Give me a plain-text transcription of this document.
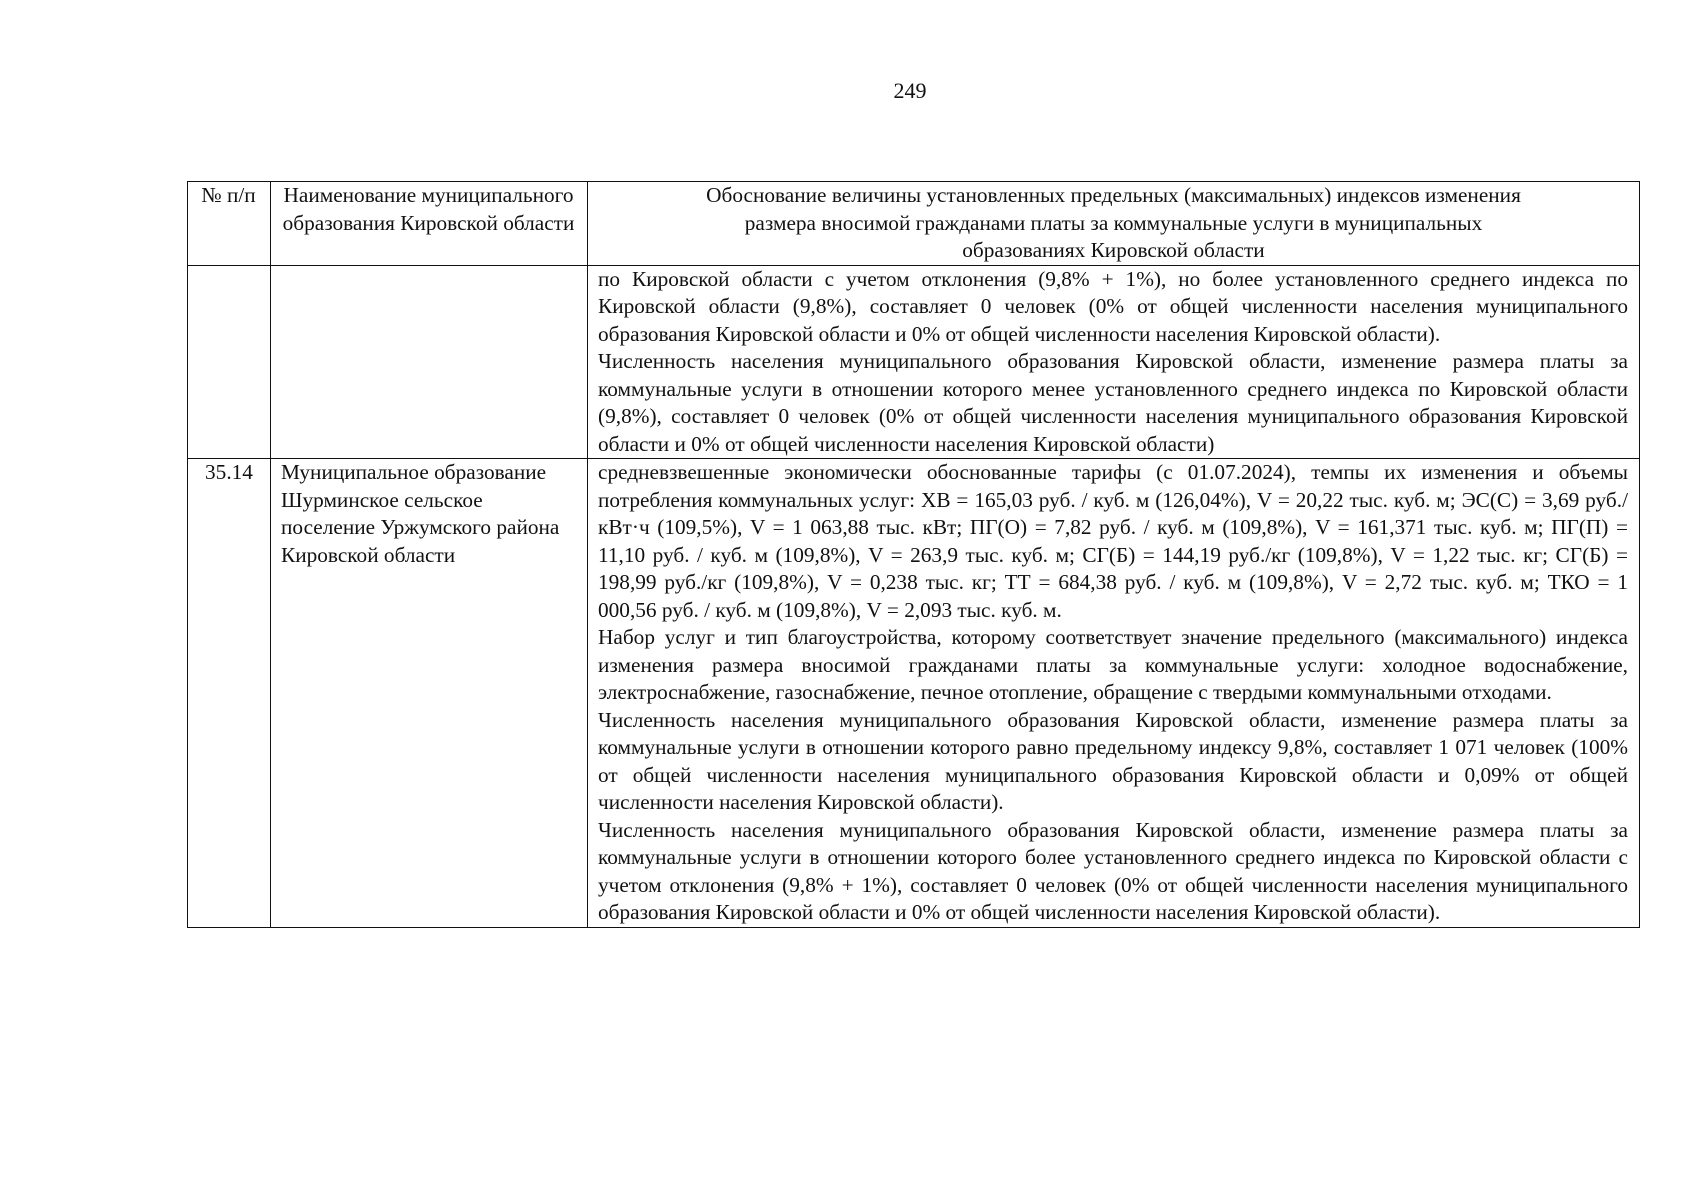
249
№ п/п	Наименование муниципального образования Кировской области	Обоснование величины установленных предельных (максимальных) индексов изменения размера вносимой гражданами платы за коммунальные услуги в муниципальных образованиях Кировской области

		по Кировской области с учетом отклонения (9,8% + 1%), но более установленного среднего индекса по Кировской области (9,8%), составляет 0 человек (0% от общей численности населения муниципального образования Кировской области и 0% от общей численности населения Кировской области).

Численность населения муниципального образования Кировской области, изменение размера платы за коммунальные услуги в отношении которого менее установленного среднего индекса по Кировской области (9,8%), составляет 0 человек (0% от общей численности населения муниципального образования Кировской области и 0% от общей численности населения Кировской области)

35.14	Муниципальное образование Шурминское сельское поселение Уржумского района Кировской области	средневзвешенные экономически обоснованные тарифы (с 01.07.2024), темпы их изменения и объемы потребления коммунальных услуг: ХВ = 165,03 руб. / куб. м (126,04%), V = 20,22 тыс. куб. м; ЭС(С) = 3,69 руб./кВт·ч (109,5%), V = 1 063,88 тыс. кВт; ПГ(О) = 7,82 руб. / куб. м (109,8%), V = 161,371 тыс. куб. м; ПГ(П) = 11,10 руб. / куб. м (109,8%), V = 263,9 тыс. куб. м; СГ(Б) = 144,19 руб./кг (109,8%), V = 1,22 тыс. кг; СГ(Б) = 198,99 руб./кг (109,8%), V = 0,238 тыс. кг; ТТ = 684,38 руб. / куб. м (109,8%), V = 2,72 тыс. куб. м; ТКО = 1 000,56 руб. / куб. м (109,8%), V = 2,093 тыс. куб. м.

Набор услуг и тип благоустройства, которому соответствует значение предельного (максимального) индекса изменения размера вносимой гражданами платы за коммунальные услуги: холодное водоснабжение, электроснабжение, газоснабжение, печное отопление, обращение с твердыми коммунальными отходами.

Численность населения муниципального образования Кировской области, изменение размера платы за коммунальные услуги в отношении которого равно предельному индексу 9,8%, составляет 1 071 человек (100% от общей численности населения муниципального образования Кировской области и 0,09% от общей численности населения Кировской области).

Численность населения муниципального образования Кировской области, изменение размера платы за коммунальные услуги в отношении которого более установленного среднего индекса по Кировской области с учетом отклонения (9,8% + 1%), составляет 0 человек (0% от общей численности населения муниципального образования Кировской области и 0% от общей численности населения Кировской области).
